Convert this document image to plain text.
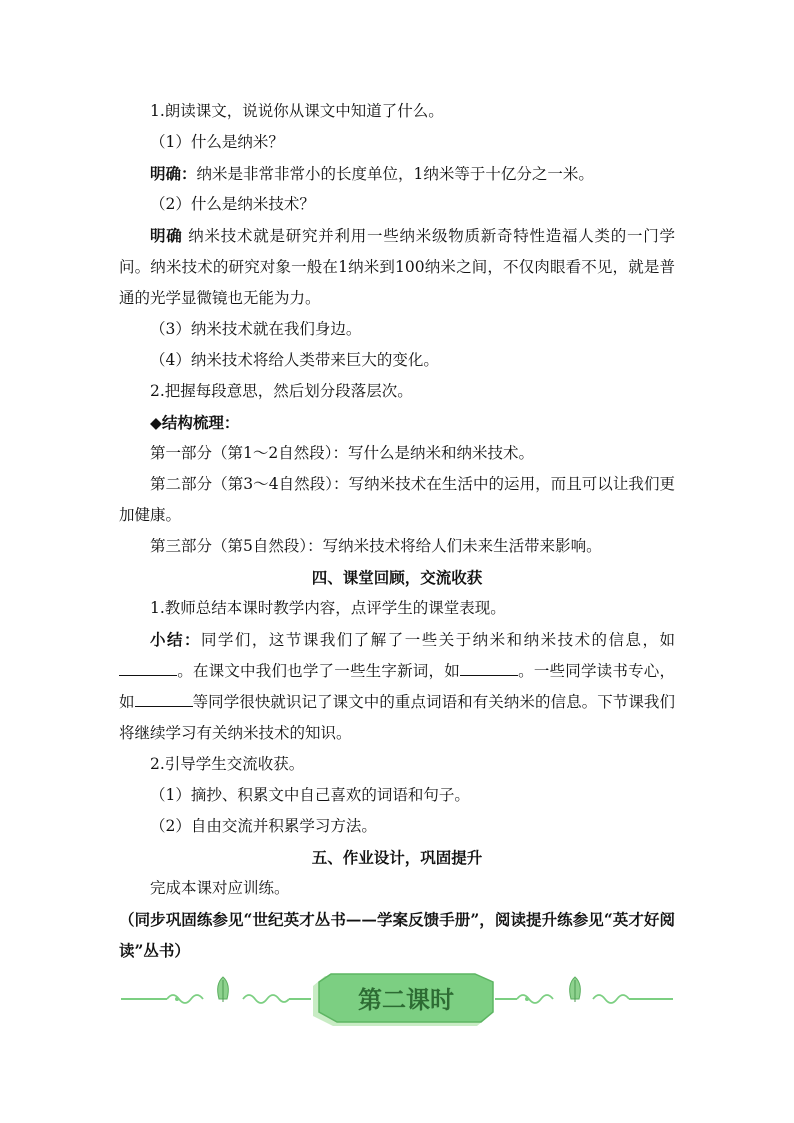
1.朗读课文，说说你从课文中知道了什么。
（1）什么是纳米？
明确：纳米是非常非常小的长度单位，1纳米等于十亿分之一米。
（2）什么是纳米技术？
明确 纳米技术就是研究并利用一些纳米级物质新奇特性造福人类的一门学问。纳米技术的研究对象一般在1纳米到100纳米之间，不仅肉眼看不见，就是普通的光学显微镜也无能为力。
（3）纳米技术就在我们身边。
（4）纳米技术将给人类带来巨大的变化。
2.把握每段意思，然后划分段落层次。
◆结构梳理：
第一部分（第1～2自然段）：写什么是纳米和纳米技术。
第二部分（第3～4自然段）：写纳米技术在生活中的运用，而且可以让我们更加健康。
第三部分（第5自然段）：写纳米技术将给人们未来生活带来影响。
四、课堂回顾，交流收获
1.教师总结本课时教学内容，点评学生的课堂表现。
小结：同学们，这节课我们了解了一些关于纳米和纳米技术的信息，如。在课文中我们也学了一些生字新词，如	。一些同学读书专心，如	等同学很快就识记了课文中的重点词语和有关纳米的信息。下节课我们将继续学习有关纳米技术的知识。
2.引导学生交流收获。
（1）摘抄、积累文中自己喜欢的词语和句子。
（2）自由交流并积累学习方法。
五、作业设计，巩固提升
完成本课对应训练。
（同步巩固练参见“世纪英才丛书——学案反馈手册”，阅读提升练参见“英才好阅读”丛书）
第二课时
